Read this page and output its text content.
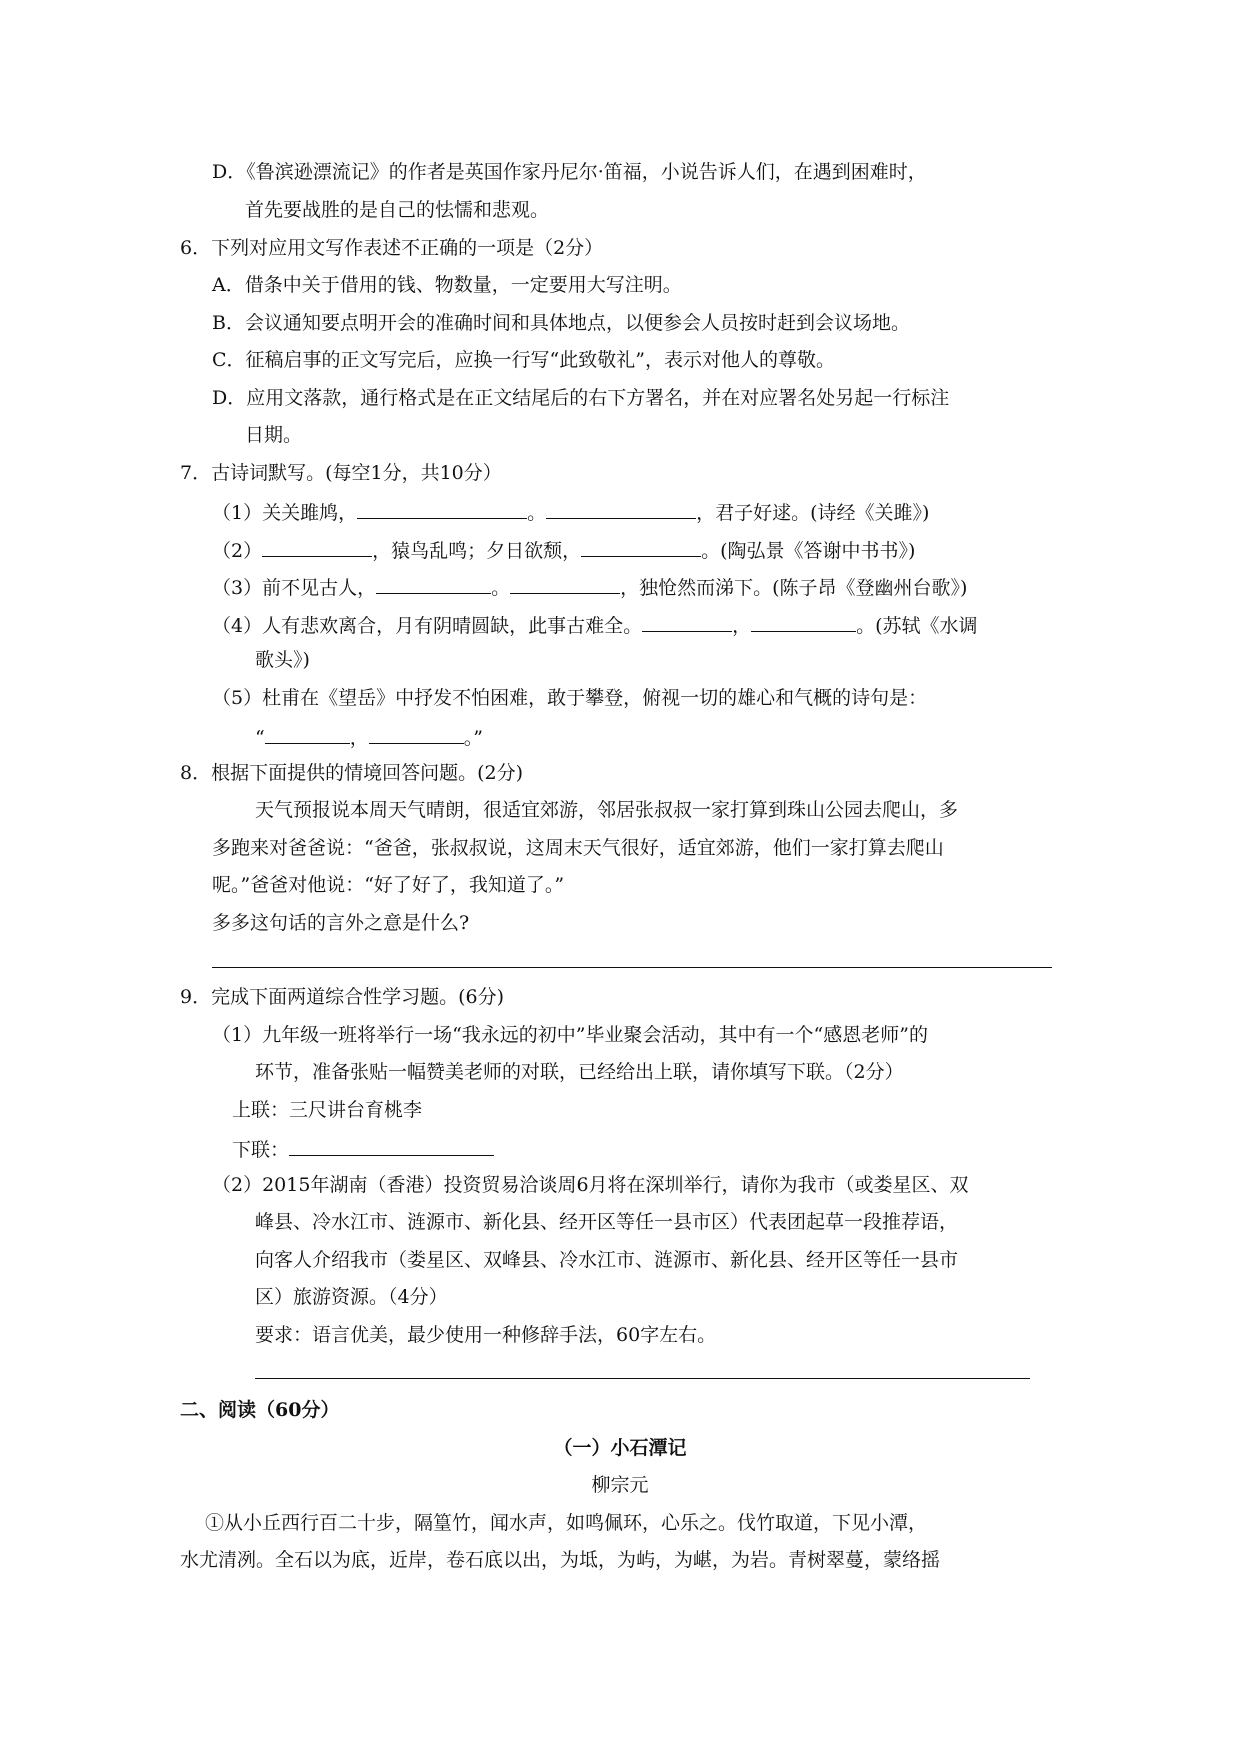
D．《鲁滨逊漂流记》的作者是英国作家丹尼尔·笛福，小说告诉人们，在遇到困难时，
首先要战胜的是自己的怯懦和悲观。
6．下列对应用文写作表述不正确的一项是（2分）
A．借条中关于借用的钱、物数量，一定要用大写注明。
B．会议通知要点明开会的准确时间和具体地点，以便参会人员按时赶到会议场地。
C．征稿启事的正文写完后，应换一行写“此致敬礼”，表示对他人的尊敬。
D．应用文落款，通行格式是在正文结尾后的右下方署名，并在对应署名处另起一行标注
日期。
7．古诗词默写。(每空1分，共10分）
（1）关关雎鸠，	。	，君子好逑。(诗经《关雎》)
（2）	，猿鸟乱鸣；夕日欲颓，	。(陶弘景《答谢中书书》)
（3）前不见古人，	。	，独怆然而涕下。(陈子昂《登幽州台歌》)
（4）人有悲欢离合，月有阴晴圆缺，此事古难全。	，	。(苏轼《水调
歌头》)
（5）杜甫在《望岳》中抒发不怕困难，敢于攀登，俯视一切的雄心和气概的诗句是：
“	，	。”
8．根据下面提供的情境回答问题。(2分)
天气预报说本周天气晴朗，很适宜郊游，邻居张叔叔一家打算到珠山公园去爬山，多
多跑来对爸爸说：“爸爸，张叔叔说，这周末天气很好，适宜郊游，他们一家打算去爬山
呢。”爸爸对他说：“好了好了，我知道了。”
多多这句话的言外之意是什么?
9．完成下面两道综合性学习题。(6分)
（1）九年级一班将举行一场“我永远的初中”毕业聚会活动，其中有一个“感恩老师”的
环节，准备张贴一幅赞美老师的对联，已经给出上联，请你填写下联。（2分）
上联：三尺讲台育桃李
下联：
（2）2015年湖南（香港）投资贸易洽谈周6月将在深圳举行，请你为我市（或娄星区、双
峰县、冷水江市、涟源市、新化县、经开区等任一县市区）代表团起草一段推荐语，
向客人介绍我市（娄星区、双峰县、冷水江市、涟源市、新化县、经开区等任一县市
区）旅游资源。（4分）
要求：语言优美，最少使用一种修辞手法，60字左右。
二、阅读（60分）
（一）小石潭记
柳宗元
①从小丘西行百二十步，隔篁竹，闻水声，如鸣佩环，心乐之。伐竹取道，下见小潭，
水尤清冽。全石以为底，近岸，卷石底以出，为坻，为屿，为嵁，为岩。青树翠蔓，蒙络摇
